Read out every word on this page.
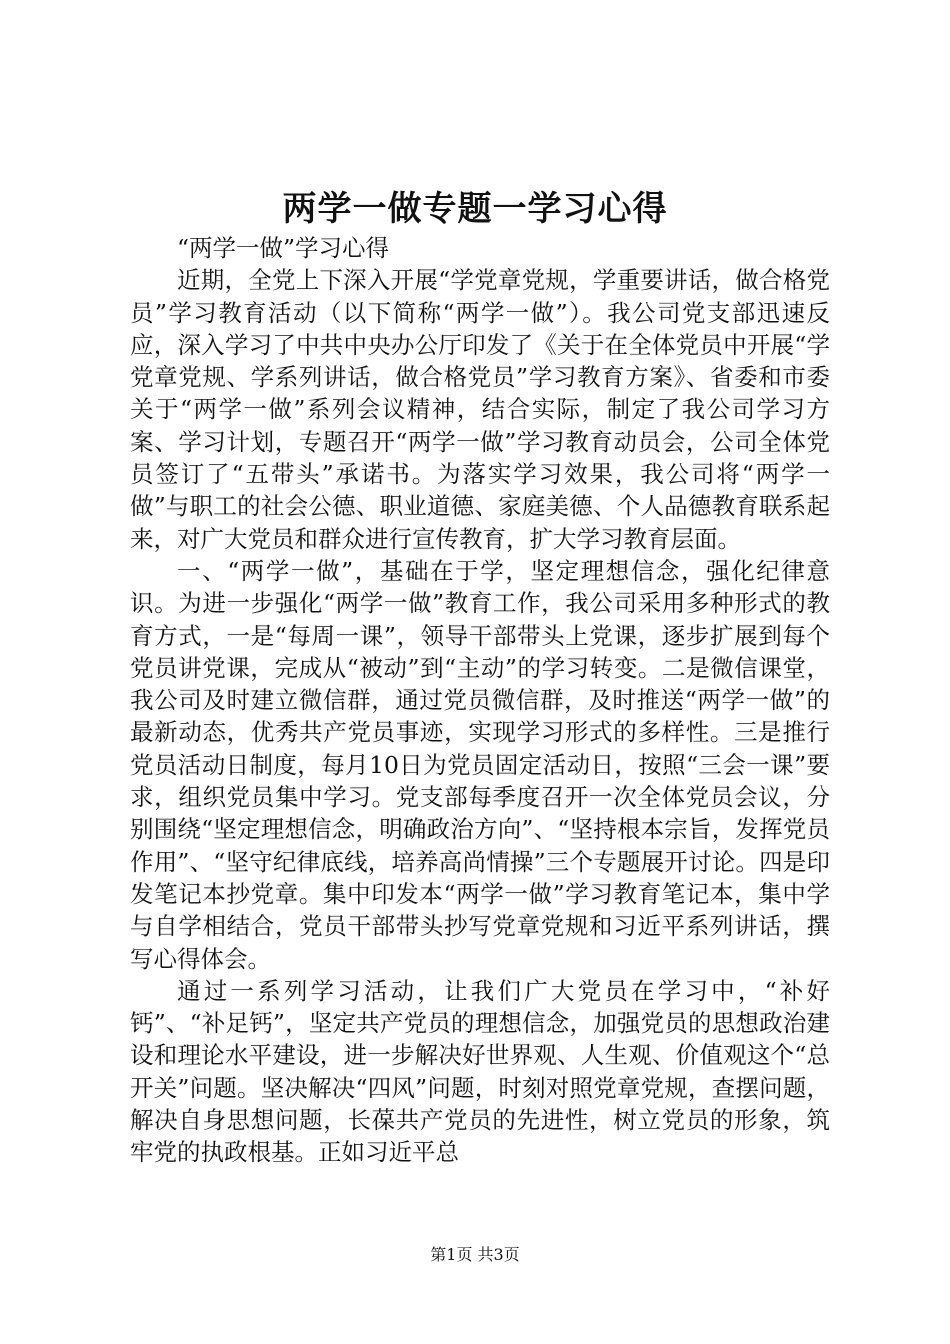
两学一做专题一学习心得

“两学一做”学习心得

近期，全党上下深入开展“学党章党规，学重要讲话，做合格党员”学习教育活动（以下简称“两学一做”）。我公司党支部迅速反应，深入学习了中共中央办公厅印发了《关于在全体党员中开展“学党章党规、学系列讲话，做合格党员”学习教育方案》、省委和市委关于“两学一做”系列会议精神，结合实际，制定了我公司学习方案、学习计划，专题召开“两学一做”学习教育动员会，公司全体党员签订了“五带头”承诺书。为落实学习效果，我公司将“两学一做”与职工的社会公德、职业道德、家庭美德、个人品德教育联系起来，对广大党员和群众进行宣传教育，扩大学习教育层面。

一、“两学一做”，基础在于学，坚定理想信念，强化纪律意识。为进一步强化“两学一做”教育工作，我公司采用多种形式的教育方式，一是“每周一课”，领导干部带头上党课，逐步扩展到每个党员讲党课，完成从“被动”到“主动”的学习转变。二是微信课堂，我公司及时建立微信群，通过党员微信群，及时推送“两学一做”的最新动态，优秀共产党员事迹，实现学习形式的多样性。三是推行党员活动日制度，每月10日为党员固定活动日，按照“三会一课”要求，组织党员集中学习。党支部每季度召开一次全体党员会议，分别围绕“坚定理想信念，明确政治方向”、“坚持根本宗旨，发挥党员作用”、“坚守纪律底线，培养高尚情操”三个专题展开讨论。四是印发笔记本抄党章。集中印发本“两学一做”学习教育笔记本，集中学与自学相结合，党员干部带头抄写党章党规和习近平系列讲话，撰写心得体会。

通过一系列学习活动，让我们广大党员在学习中，“补好钙”、“补足钙”，坚定共产党员的理想信念，加强党员的思想政治建设和理论水平建设，进一步解决好世界观、人生观、价值观这个“总开关”问题。坚决解决“四风”问题，时刻对照党章党规，查摆问题，解决自身思想问题，长葆共产党员的先进性，树立党员的形象，筑牢党的执政根基。正如习近平总

第1页 共3页
